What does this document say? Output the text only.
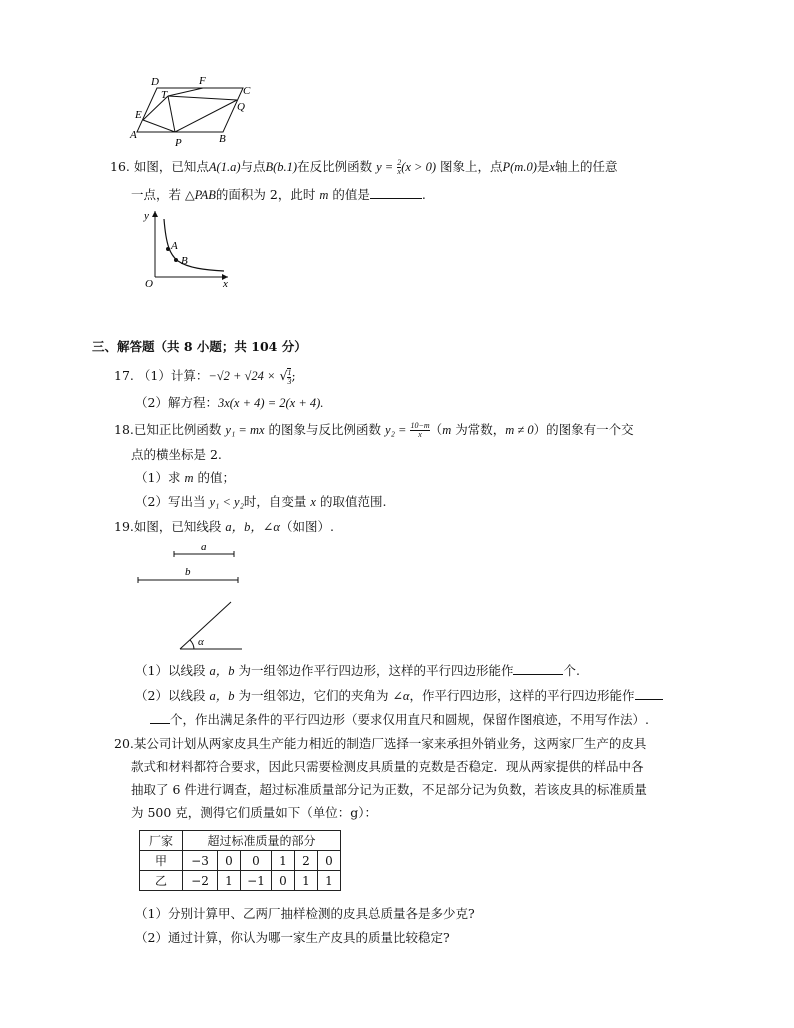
D	F
C
T
E
Q
A
P	B
16. 如图，已知点A(1.a)与点B(b.1)在反比例函数 $y = \frac{2}{x} (x > 0)$ 图象上，点P(m.0)是x轴上的任意
一点，若 △PAB的面积为 2，此时 m 的值是	.
y
A
B
O	x
三、解答题（共 8 小题；共 104 分）
17. （1）计算：−√2 + √24 × √ $\frac{1}{3}$ ;
（2）解方程：3x(x + 4) = 2(x + 4).
18.已知正比例函数 y₁ = mx 的图象与反比例函数 $y_2 = \frac{10-m}{x} (m$ 为常数，m ≠ 0）的图象有一个交
点的横坐标是 2.
（1）求 m 的值；
（2）写出当 y₁ < y₂时，自变量 x 的取值范围.
19.如图，已知线段 a，b，∠α（如图）.
a
b
α
（1）以线段 a，b 为一组邻边作平行四边形，这样的平行四边形能作	个.
（2）以线段 a，b 为一组邻边，它们的夹角为 ∠α，作平行四边形，这样的平行四边形能作
个，作出满足条件的平行四边形（要求仅用直尺和圆规，保留作图痕迹，不用写作法）.
20.某公司计划从两家皮具生产能力相近的制造厂选择一家来承担外销业务，这两家厂生产的皮具
款式和材料都符合要求，因此只需要检测皮具质量的克数是否稳定．现从两家提供的样品中各
抽取了 6 件进行调查，超过标准质量部分记为正数，不足部分记为负数，若该皮具的标准质量
为 500 克，测得它们质量如下（单位：g）：
厂家	超过标准质量的部分					
甲	−3	0	0	1	2	0
乙	−2	1	−1	0	1	1
（1）分别计算甲、乙两厂抽样检测的皮具总质量各是多少克?
（2）通过计算，你认为哪一家生产皮具的质量比较稳定?
